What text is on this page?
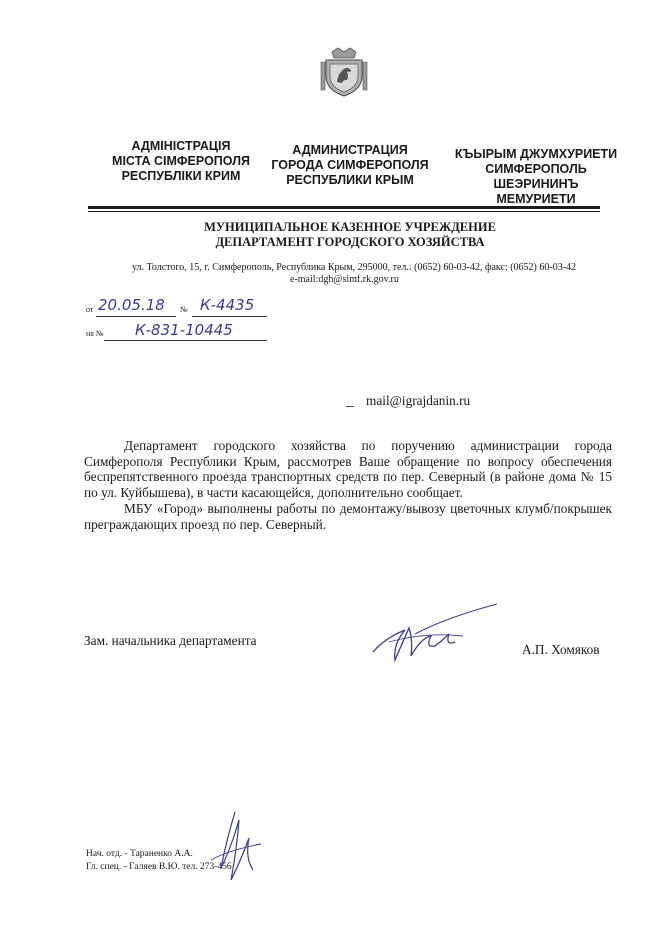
АДМІНІСТРАЦІЯ
МІСТА СІМФЕРОПОЛЯ
РЕСПУБЛІКИ КРИМ
АДМИНИСТРАЦИЯ
ГОРОДА СИМФЕРОПОЛЯ
РЕСПУБЛИКИ КРЫМ
КЪЫРЫМ ДЖУМХУРИЕТИ
СИМФЕРОПОЛЬ
ШЕЭРИНИНЪ
МЕМУРИЕТИ
МУНИЦИПАЛЬНОЕ КАЗЕННОЕ УЧРЕЖДЕНИЕ
ДЕПАРТАМЕНТ ГОРОДСКОГО ХОЗЯЙСТВА
ул. Толстого, 15, г. Симферополь, Республика Крым, 295000, тел.: (0652) 60-03-42, факс: (0652) 60-03-42
e-mail:dgh@simf.rk.gov.ru
от 20.05.18 № К-4435
на № К-831-10445
mail@igrajdanin.ru

Департамент городского хозяйства по поручению администрации города Симферополя Республики Крым, рассмотрев Ваше обращение по вопросу обеспечения беспрепятственного проезда транспортных средств по пер. Северный (в районе дома № 15 по ул. Куйбышева), в части касающейся, дополнительно сообщает.

МБУ «Город» выполнены работы по демонтажу/вывозу цветочных клумб/покрышек преграждающих проезд по пер. Северный.

Зам. начальника департамента
А.П. Хомяков
Нач. отд. - Тараненко А.А.
Гл. спец. - Галяев В.Ю. тел. 273-456
